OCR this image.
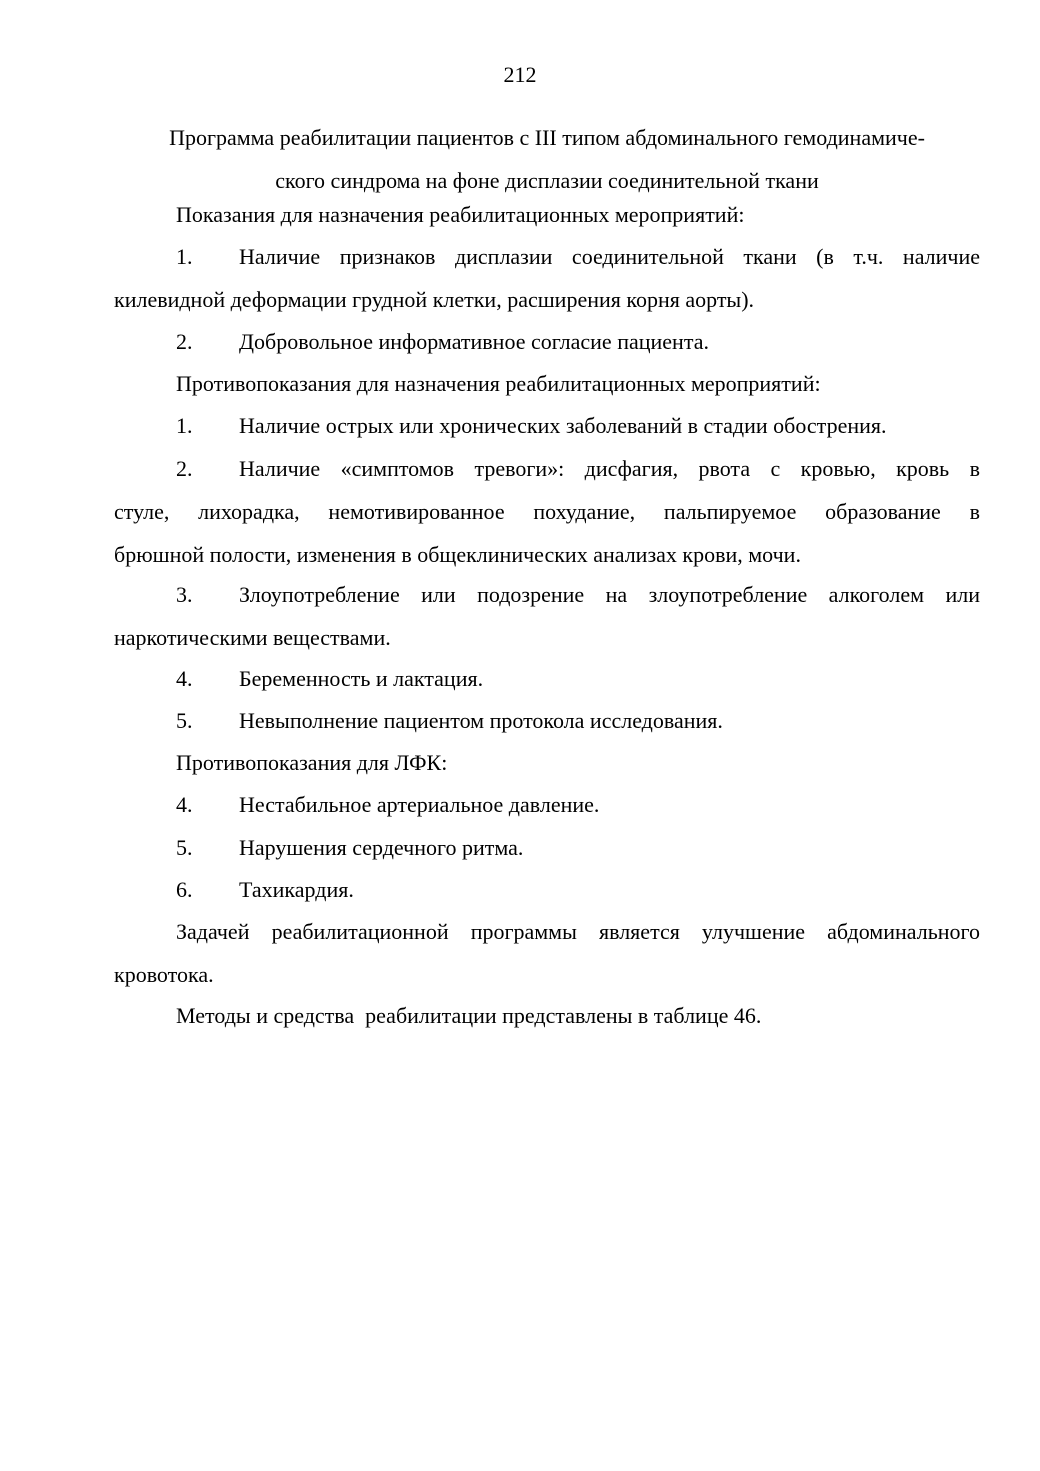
212
Программа реабилитации пациентов с III типом абдоминального гемодинамиче-
ского синдрома на фоне дисплазии соединительной ткани
Показания для назначения реабилитационных мероприятий:
1.	Наличие признаков дисплазии соединительной ткани (в т.ч. наличие
килевидной деформации грудной клетки, расширения корня аорты).
2. Добровольное информативное согласие пациента.
Противопоказания для назначения реабилитационных мероприятий:
1. Наличие острых или хронических заболеваний в стадии обострения.
2.	Наличие «симптомов тревоги»: дисфагия, рвота с кровью, кровь в
стуле, лихорадка, немотивированное похудание, пальпируемое образование в
брюшной полости, изменения в общеклинических анализах крови, мочи.
3.	Злоупотребление или подозрение на злоупотребление алкоголем или
наркотическими веществами.
4. Беременность и лактация.
5. Невыполнение пациентом протокола исследования.
Противопоказания для ЛФК:
4. Нестабильное артериальное давление.
5. Нарушения сердечного ритма.
6. Тахикардия.
Задачей реабилитационной программы является улучшение абдоминального
кровотока.
Методы и средства  реабилитации представлены в таблице 46.
